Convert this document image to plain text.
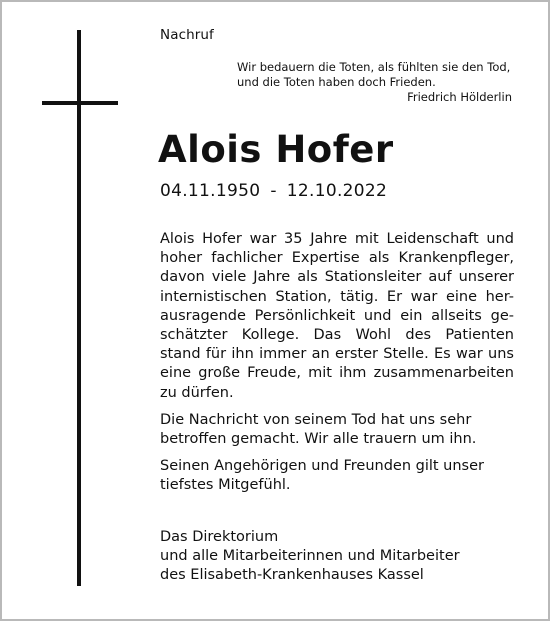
Nachruf
Wir bedauern die Toten, als fühlten sie den Tod,
und die Toten haben doch Frieden.
Friedrich Hölderlin
Alois Hofer
04.11.1950 - 12.10.2022

Alois Hofer war 35 Jahre mit Leidenschaft und
hoher fachlicher Expertise als Krankenpfleger,
davon viele Jahre als Stationsleiter auf unserer
internistischen Station, tätig. Er war eine her-
ausragende Persönlichkeit und ein allseits ge-
schätzter Kollege. Das Wohl des Patienten
stand für ihn immer an erster Stelle. Es war uns
eine große Freude, mit ihm zusammenarbeiten
zu dürfen.

Die Nachricht von seinem Tod hat uns sehr betroffen gemacht. Wir alle trauern um ihn.

Seinen Angehörigen und Freunden gilt unser tiefstes Mitgefühl.

Das Direktorium
und alle Mitarbeiterinnen und Mitarbeiter
des Elisabeth-Krankenhauses Kassel
